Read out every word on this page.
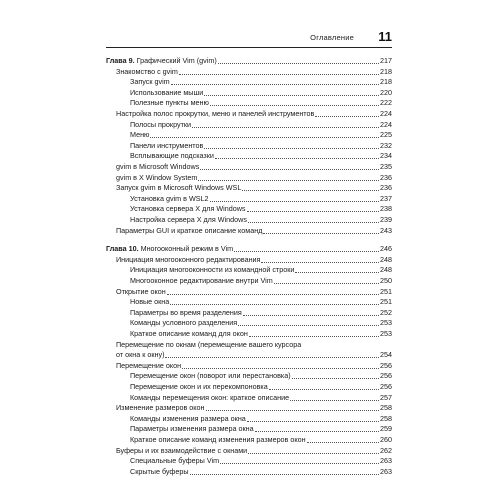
Оглавление 11
Глава 9. Графический Vim (gvim)	217
Знакомство с gvim	218
Запуск gvim	218
Использование мыши	220
Полезные пункты меню	222
Настройка полос прокрутки, меню и панелей инструментов	224
Полосы прокрутки	224
Меню	225
Панели инструментов	232
Всплывающие подсказки	234
gvim в Microsoft Windows	235
gvim в X Window System	236
Запуск gvim в Microsoft Windows WSL	236
Установка gvim в WSL2	237
Установка сервера X для Windows	238
Настройка сервера X для Windows	239
Параметры GUI и краткое описание команд	243
Глава 10. Многооконный режим в Vim	246
Инициация многооконного редактирования	248
Инициация многооконности из командной строки	248
Многооконное редактирование внутри Vim	250
Открытие окон	251
Новые окна	251
Параметры во время разделения	252
Команды условного разделения	253
Краткое описание команд для окон	253
Перемещение по окнам (перемещение вашего курсора
от окна к окну)	254
Перемещение окон	256
Перемещение окон (поворот или перестановка)	256
Перемещение окон и их перекомпоновка	256
Команды перемещения окон: краткое описание	257
Изменение размеров окон	258
Команды изменения размера окна	258
Параметры изменения размера окна	259
Краткое описание команд изменения размеров окон	260
Буферы и их взаимодействие с окнами	262
Специальные буферы Vim	263
Скрытые буферы	263
